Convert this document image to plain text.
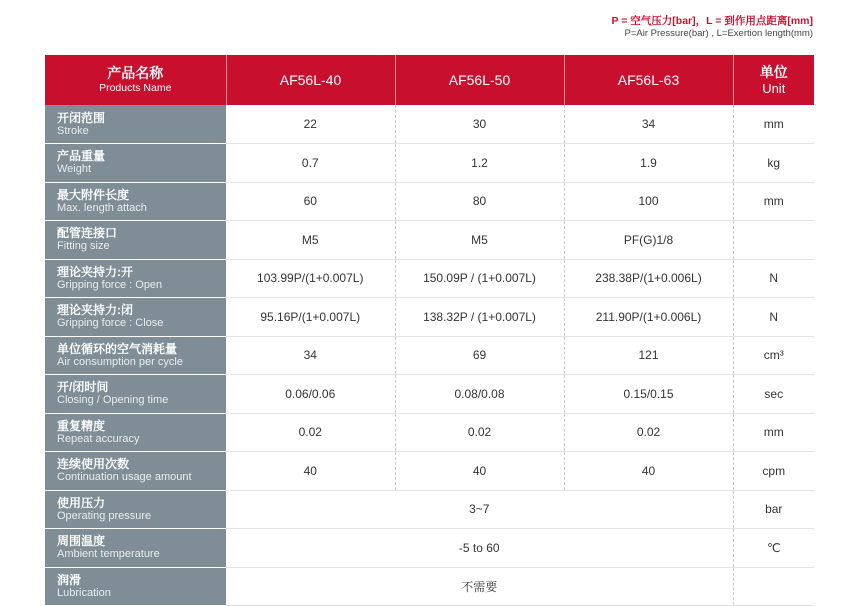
P = 空气压力[bar]，L = 到作用点距离[mm]
P=Air Pressure(bar) , L=Exertion length(mm)
产品名称
Products Name	AF56L-40	AF56L-50	AF56L-63	单位
Unit

开闭范围
Stroke	22	30	34	mm

产品重量
Weight	0.7	1.2	1.9	kg

最大附件长度
Max. length attach	60	80	100	mm

配管连接口
Fitting size	M5	M5	PF(G)1/8	

理论夹持力:开
Gripping force : Open	103.99P/(1+0.007L)	150.09P / (1+0.007L)	238.38P/(1+0.006L)	N

理论夹持力:闭
Gripping force : Close	95.16P/(1+0.007L)	138.32P / (1+0.007L)	211.90P/(1+0.006L)	N

单位循环的空气消耗量
Air consumption per cycle	34	69	121	cm³

开/闭时间
Closing / Opening time	0.06/0.06	0.08/0.08	0.15/0.15	sec

重复精度
Repeat accuracy	0.02	0.02	0.02	mm

连续使用次数
Continuation usage amount	40	40	40	cpm

使用压力
Operating pressure	3~7			bar

周围温度
Ambient temperature	-5 to 60			℃

润滑
Lubrication	不需要			
